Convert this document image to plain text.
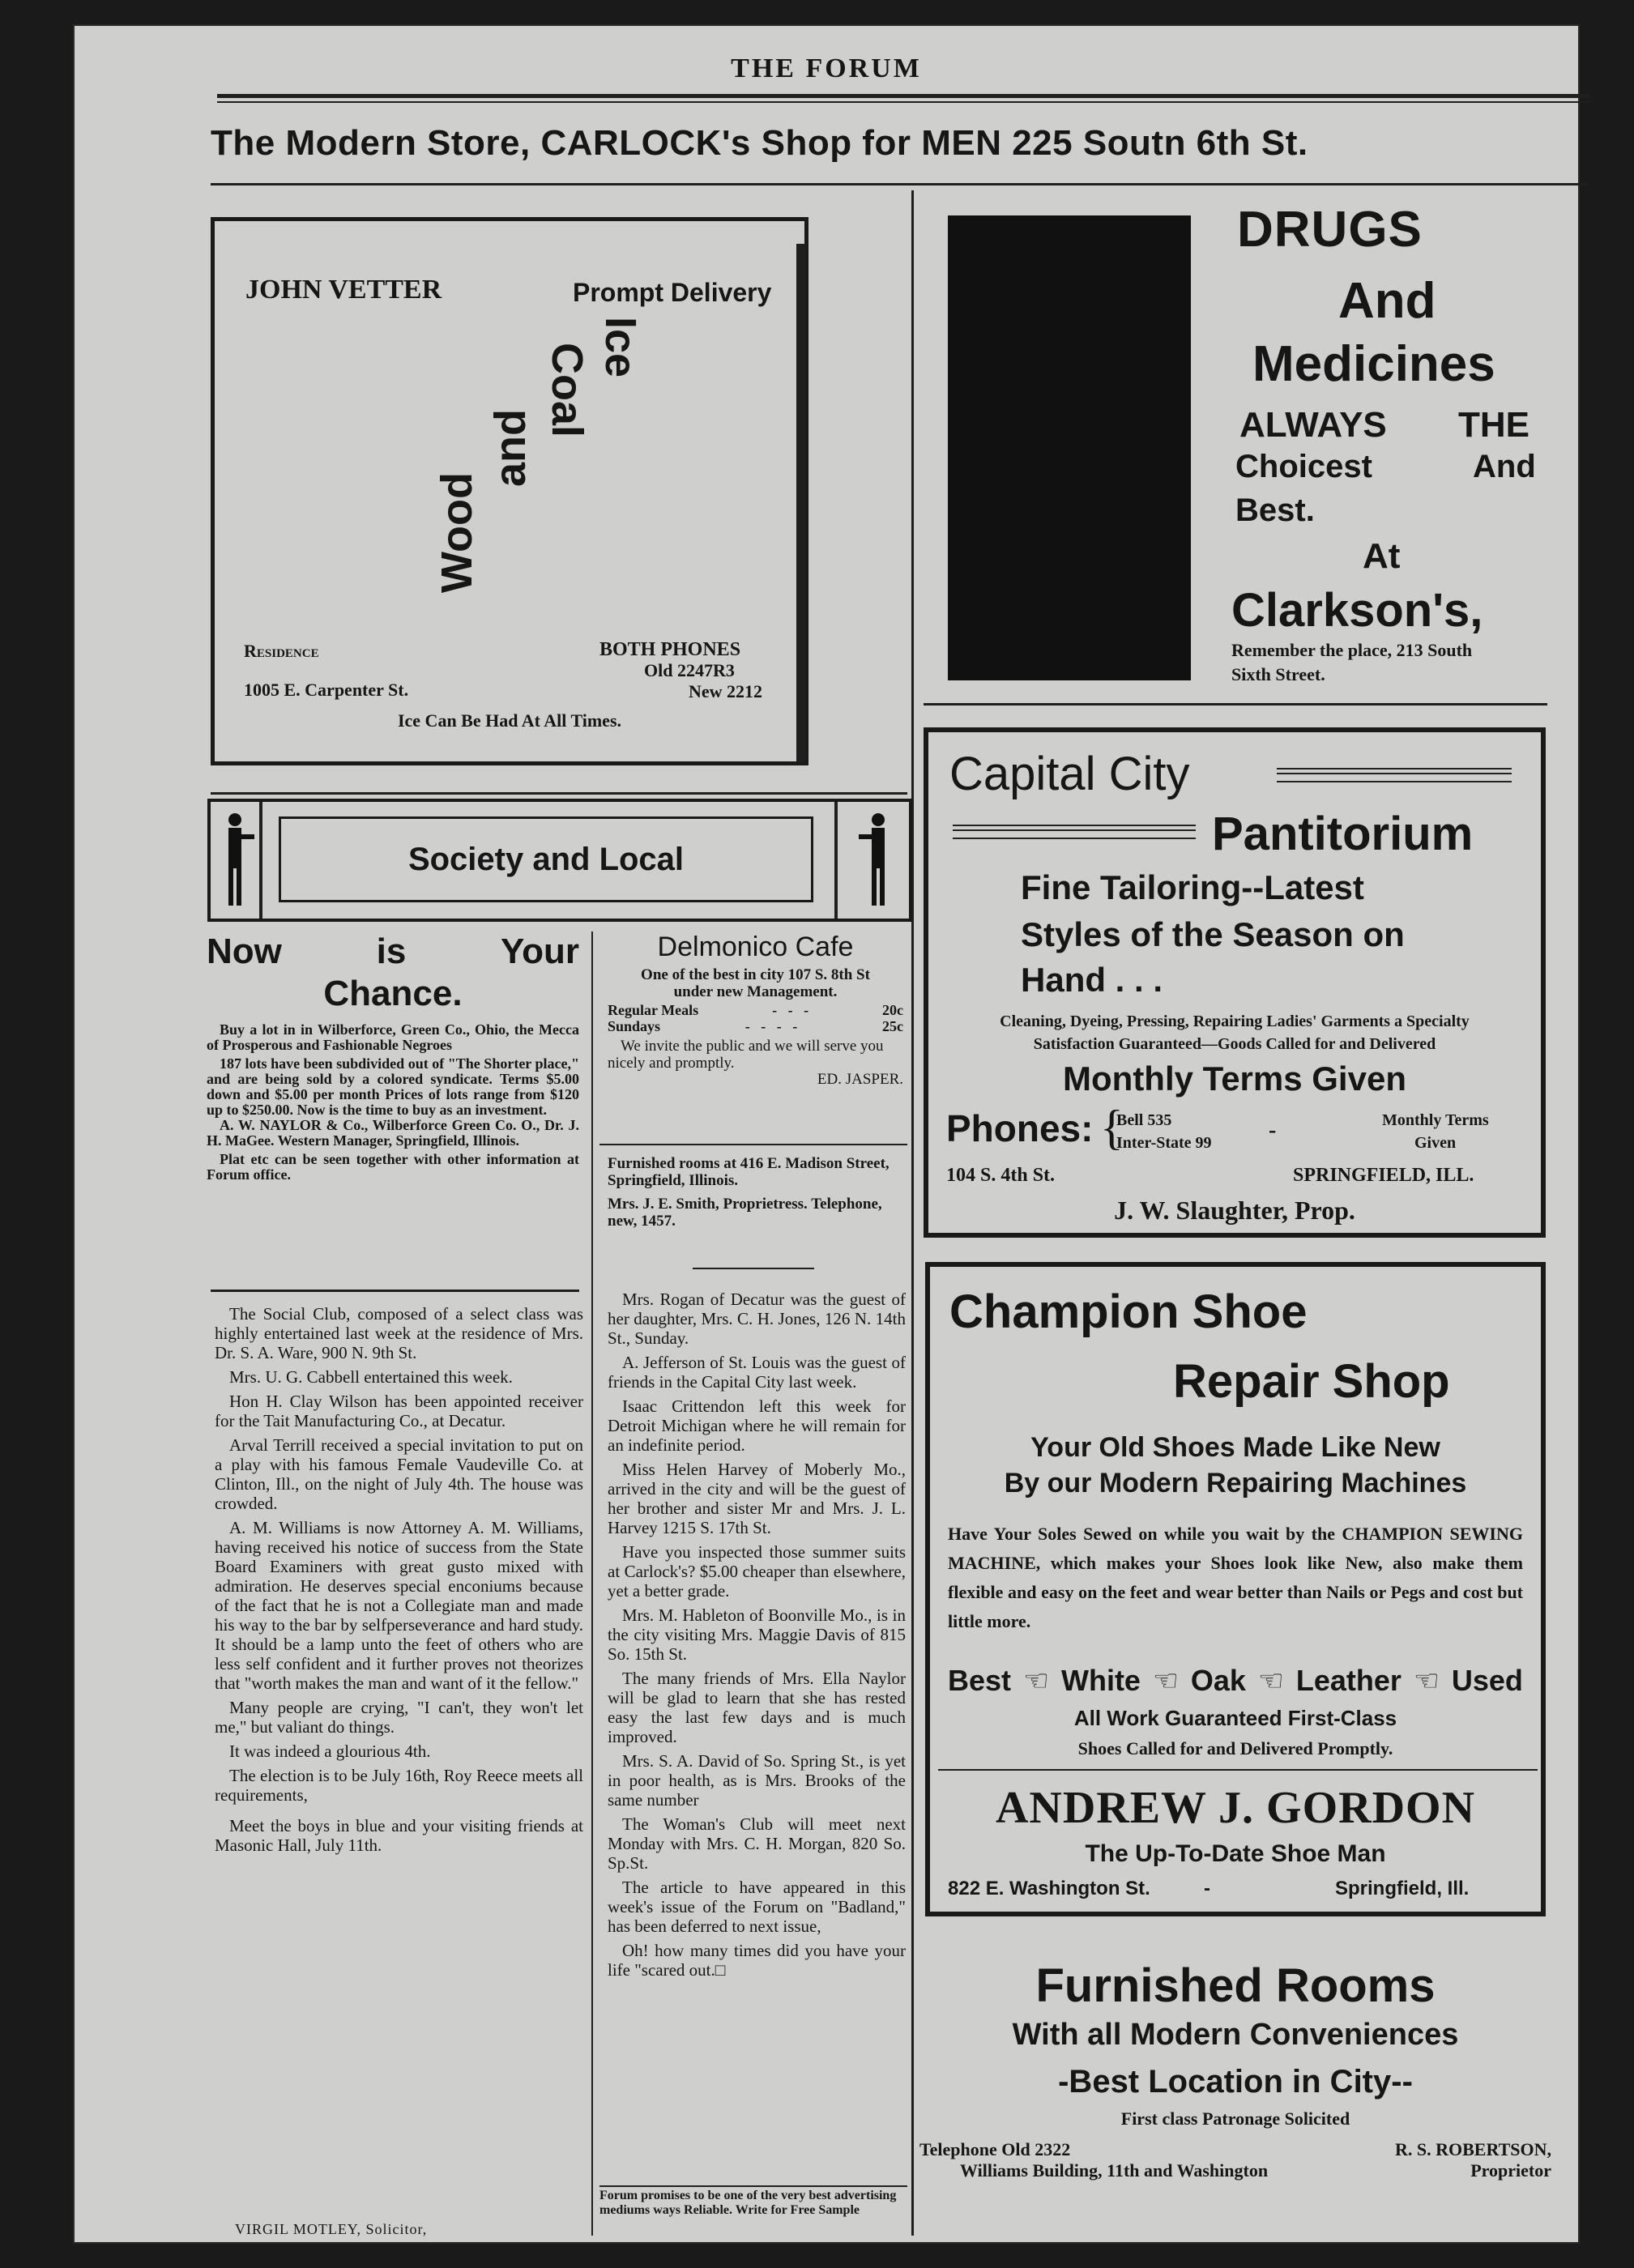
THE FORUM
The Modern Store, CARLOCK's Shop for MEN 225 Soutn 6th St.
JOHN VETTER	Prompt Delivery
Ice
Coal
and
Wood
Residence
1005 E. Carpenter St.
BOTH PHONES
Old 2247R3
New 2212
Ice Can Be Had At All Times.
DRUGS
And
Medicines
ALWAYS THE
Choicest	And
Best.
At
Clarkson's,
Remember the place, 213 South
Sixth Street.
Society and Local
Now	is	Your
Chance.
Buy a lot in in Wilberforce, Green Co., Ohio, the Mecca of Prosperous and Fashionable Negroes
187 lots have been subdivided out of "The Shorter place," and are being sold by a colored syndicate. Terms $5.00 down and $5.00 per month Prices of lots range from $120 up to $250.00. Now is the time to buy as an investment.
A. W. NAYLOR & Co., Wilberforce Green Co. O., Dr. J. H. MaGee. Western Manager, Springfield, Illinois.
Plat etc can be seen together with other information at Forum office.

The Social Club, composed of a select class was highly entertained last week at the residence of Mrs. Dr. S. A. Ware, 900 N. 9th St.

Mrs. U. G. Cabbell entertained this week.

Hon H. Clay Wilson has been appointed receiver for the Tait Manufacturing Co., at Decatur.

Arval Terrill received a special invitation to put on a play with his famous Female Vaudeville Co. at Clinton, Ill., on the night of July 4th. The house was crowded.

A. M. Williams is now Attorney A. M. Williams, having received his notice of success from the State Board Examiners with great gusto mixed with admiration. He deserves special enconiums because of the fact that he is not a Collegiate man and made his way to the bar by selfperseverance and hard study. It should be a lamp unto the feet of others who are less self confident and it further proves not theorizes that "worth makes the man and want of it the fellow."

Many people are crying, "I can't, they won't let me," but valiant do things.

It was indeed a glourious 4th.

The election is to be July 16th, Roy Reece meets all requirements,

Meet the boys in blue and your visiting friends at Masonic Hall, July 11th.

VIRGIL MOTLEY, Solicitor,
Delmonico Cafe
One of the best in city 107 S. 8th St under new Management.
Regular Meals	-   -   -	20c
Sundays	-   -   -   -	25c
We invite the public and we will serve you nicely and promptly.
ED. JASPER.
Furnished rooms at 416 E. Madison Street, Springfield, Illinois.
Mrs. J. E. Smith, Proprietress. Telephone, new, 1457.

Mrs. Rogan of Decatur was the guest of her daughter, Mrs. C. H. Jones, 126 N. 14th St., Sunday.

A. Jefferson of St. Louis was the guest of friends in the Capital City last week.

Isaac Crittendon left this week for Detroit Michigan where he will remain for an indefinite period.

Miss Helen Harvey of Moberly Mo., arrived in the city and will be the guest of her brother and sister Mr and Mrs. J. L. Harvey 1215 S. 17th St.

Have you inspected those summer suits at Carlock's? $5.00 cheaper than elsewhere, yet a better grade.

Mrs. M. Hableton of Boonville Mo., is in the city visiting Mrs. Maggie Davis of 815 So. 15th St.

The many friends of Mrs. Ella Naylor will be glad to learn that she has rested easy the last few days and is much improved.

Mrs. S. A. David of So. Spring St., is yet in poor health, as is Mrs. Brooks of the same number

The Woman's Club will meet next Monday with Mrs. C. H. Morgan, 820 So. Sp.St.

The article to have appeared in this week's issue of the Forum on "Badland," has been deferred to next issue,

Oh! how many times did you have your life "scared out.□

Forum promises to be one of the very best advertising mediums ways Reliable. Write for Free Sample
Capital City
Pantitorium
Fine Tailoring--Latest
Styles of the Season on
Hand . . .
Cleaning, Dyeing, Pressing, Repairing Ladies' Garments a Specialty
Satisfaction Guaranteed—Goods Called for and Delivered
Monthly Terms Given
Phones: {
Bell 535
Inter-State 99	-	Monthly Terms
Given
104 S. 4th St.	SPRINGFIELD, ILL.
J. W. Slaughter, Prop.
Champion Shoe
Repair Shop
Your Old Shoes Made Like New
By our Modern Repairing Machines
Have Your Soles Sewed on while you wait by the CHAMPION SEWING MACHINE, which makes your Shoes look like New, also make them flexible and easy on the feet and wear better than Nails or Pegs and cost but little more.
Best ☜ White ☜ Oak ☜ Leather ☜ Used
All Work Guaranteed First-Class
Shoes Called for and Delivered Promptly.
ANDREW J. GORDON
The Up-To-Date Shoe Man
822 E. Washington St.	-	Springfield, Ill.
Furnished Rooms
With all Modern Conveniences
-Best Location in City--
First class Patronage Solicited
Telephone Old 2322	R. S. ROBERTSON,
Williams Building, 11th and Washington	Proprietor
